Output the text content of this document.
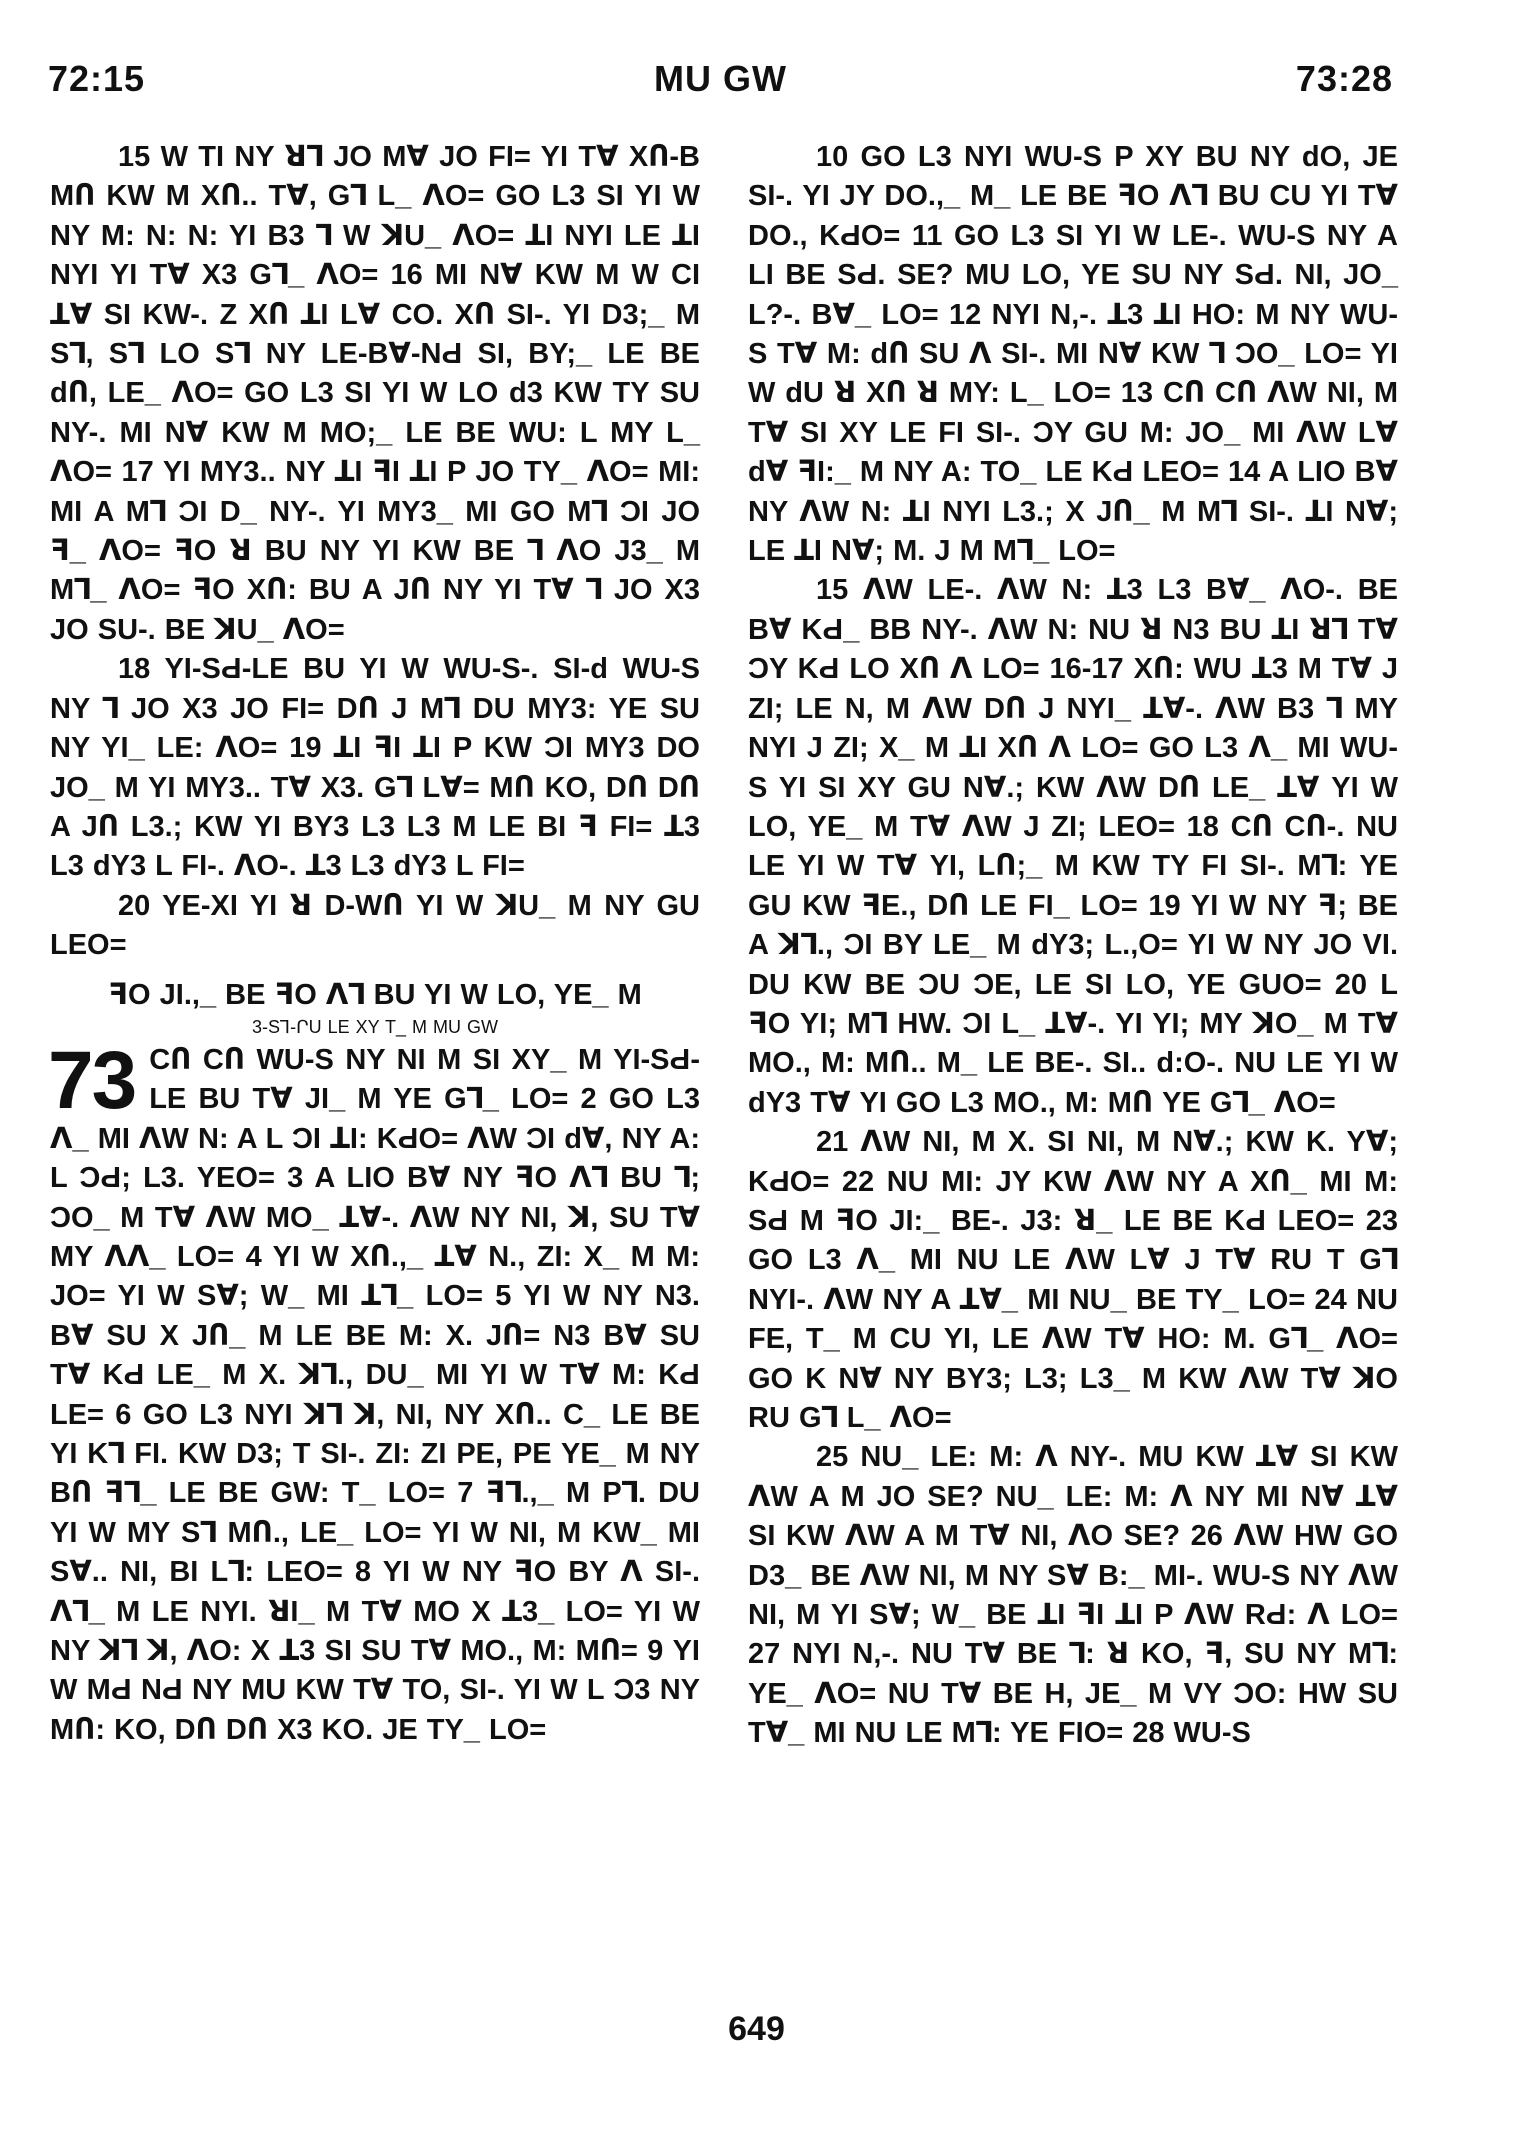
72:15	MU GW	73:28

15 W TI NY ꓤ⅂ JO Mꓯ JO FI= YI Tꓯ XՈ-B MՈ KW M XՈ.. Tꓯ, G⅂ L_ ꓥO= GO L3 SI YI W NY M: N: N: YI B3 ⅂ W ꓘU_ ꓥO= ꓕI NYI LE ꓕI NYI YI Tꓯ X3 G⅂_ ꓥO= 16 MI Nꓯ KW M W CI ꓕꓯ SI KW-. Z XՈ ꓕI Lꓯ CO. XՈ SI-. YI D3;_ M S⅂, S⅂ LO S⅂ NY LE-Bꓯ-NԀ SI, BY;_ LE BE dՈ, LE_ ꓥO= GO L3 SI YI W LO d3 KW TY SU NY-. MI Nꓯ KW M MO;_ LE BE WU: L MY L_ ꓥO= 17 YI MY3.. NY ꓕI ꟻI ꓕI P JO TY_ ꓥO= MI: MI A M⅂ ƆI D_ NY-. YI MY3_ MI GO M⅂ ƆI JO ꟻ_ ꓥO= ꟻO ꓤ BU NY YI KW BE ⅂ ꓥO J3_ M M⅂_ ꓥO= ꟻO XՈ: BU A JՈ NY YI Tꓯ ⅂ JO X3 JO SU-. BE ꓘU_ ꓥO=

18 YI-SԀ-LE BU YI W WU-S-. SI-d WU-S NY ⅂ JO X3 JO FI= DՈ J M⅂ DU MY3: YE SU NY YI_ LE: ꓥO= 19 ꓕI ꟻI ꓕI P KW ƆI MY3 DO JO_ M YI MY3.. Tꓯ X3. G⅂ Lꓯ= MՈ KO, DՈ DՈ A JՈ L3.; KW YI BY3 L3 L3 M LE BI ꟻ FI= ꓕ3 L3 dY3 L FI-. ꓥO-. ꓕ3 L3 dY3 L FI=

20 YE-XI YI ꓤ D-WՈ YI W ꓘU_ M NY GU LEO=

ꟻO JI.,_ BE ꟻO ꓥ⅂ BU YI W LO, YE_ M
3-S⅂-ՐU LE XY T_ M MU GW
73 CՈ CՈ WU-S NY NI M SI XY_ M YI-SԀ-LE BU Tꓯ JI_ M YE G⅂_ LO= 2 GO L3 ꓥ_ MI ꓥW N: A L ƆI ꓕI: KԀO= ꓥW ƆI dꓯ, NY A: L ƆԀ; L3. YEO= 3 A LIO Bꓯ NY ꟻO ꓥ⅂ BU ⅂; ƆO_ M Tꓯ ꓥW MO_ ꓕꓯ-. ꓥW NY NI, ꓘ, SU Tꓯ MY ꓥꓥ_ LO= 4 YI W XՈ.,_ ꓕꓯ N., ZI: X_ M M: JO= YI W Sꓯ; W_ MI ꓕ⅂_ LO= 5 YI W NY N3. Bꓯ SU X JՈ_ M LE BE M: X. JՈ= N3 Bꓯ SU Tꓯ KԀ LE_ M X. ꓘ⅂., DU_ MI YI W Tꓯ M: KԀ LE= 6 GO L3 NYI ꓘ⅂ ꓘ, NI, NY XՈ.. C_ LE BE YI K⅂ FI. KW D3; T SI-. ZI: ZI PE, PE YE_ M NY BՈ ꟻ⅂_ LE BE GW: T_ LO= 7 ꟻ⅂.,_ M P⅂. DU YI W MY S⅂ MՈ., LE_ LO= YI W NI, M KW_ MI Sꓯ.. NI, BI L⅂: LEO= 8 YI W NY ꟻO BY ꓥ SI-. ꓥ⅂_ M LE NYI. ꓤI_ M Tꓯ MO X ꓕ3_ LO= YI W NY ꓘ⅂ ꓘ, ꓥO: X ꓕ3 SI SU Tꓯ MO., M: MՈ= 9 YI W MԀ NԀ NY MU KW Tꓯ TO, SI-. YI W L Ɔ3 NY MՈ: KO, DՈ DՈ X3 KO. JE TY_ LO=

10 GO L3 NYI WU-S P XY BU NY dO, JE SI-. YI JY DO.,_ M_ LE BE ꟻO ꓥ⅂ BU CU YI Tꓯ DO., KԀO= 11 GO L3 SI YI W LE-. WU-S NY A LI BE SԀ. SE? MU LO, YE SU NY SԀ. NI, JO_ L?-. Bꓯ_ LO= 12 NYI N,-. ꓕ3 ꓕI HO: M NY WU-S Tꓯ M: dՈ SU ꓥ SI-. MI Nꓯ KW ⅂ ƆO_ LO= YI W dU ꓤ XՈ ꓤ MY: L_ LO= 13 CՈ CՈ ꓥW NI, M Tꓯ SI XY LE FI SI-. ƆY GU M: JO_ MI ꓥW Lꓯ dꓯ ꟻI:_ M NY A: TO_ LE KԀ LEO= 14 A LIO Bꓯ NY ꓥW N: ꓕI NYI L3.; X JՈ_ M M⅂ SI-. ꓕI Nꓯ; LE ꓕI Nꓯ; M. J M M⅂_ LO=

15 ꓥW LE-. ꓥW N: ꓕ3 L3 Bꓯ_ ꓥO-. BE Bꓯ KԀ_ BB NY-. ꓥW N: NU ꓤ N3 BU ꓕI ꓤ⅂ Tꓯ ƆY KԀ LO XՈ ꓥ LO= 16-17 XՈ: WU ꓕ3 M Tꓯ J ZI; LE N, M ꓥW DՈ J NYI_ ꓕꓯ-. ꓥW B3 ⅂ MY NYI J ZI; X_ M ꓕI XՈ ꓥ LO= GO L3 ꓥ_ MI WU-S YI SI XY GU Nꓯ.; KW ꓥW DՈ LE_ ꓕꓯ YI W LO, YE_ M Tꓯ ꓥW J ZI; LEO= 18 CՈ CՈ-. NU LE YI W Tꓯ YI, LՈ;_ M KW TY FI SI-. M⅂: YE GU KW ꟻE., DՈ LE FI_ LO= 19 YI W NY ꟻ; BE A ꓘ⅂., ƆI BY LE_ M dY3; L.,O= YI W NY JO VI. DU KW BE ƆU ƆE, LE SI LO, YE GUO= 20 L ꟻO YI; M⅂ HW. ƆI L_ ꓕꓯ-. YI YI; MY ꓘO_ M Tꓯ MO., M: MՈ.. M_ LE BE-. SI.. d:O-. NU LE YI W dY3 Tꓯ YI GO L3 MO., M: MՈ YE G⅂_ ꓥO=

21 ꓥW NI, M X. SI NI, M Nꓯ.; KW K. Yꓯ; KԀO= 22 NU MI: JY KW ꓥW NY A XՈ_ MI M: SԀ M ꟻO JI:_ BE-. J3: ꓤ_ LE BE KԀ LEO= 23 GO L3 ꓥ_ MI NU LE ꓥW Lꓯ J Tꓯ RU T G⅂ NYI-. ꓥW NY A ꓕꓯ_ MI NU_ BE TY_ LO= 24 NU FE, T_ M CU YI, LE ꓥW Tꓯ HO: M. G⅂_ ꓥO= GO K Nꓯ NY BY3; L3; L3_ M KW ꓥW Tꓯ ꓘO RU G⅂ L_ ꓥO=

25 NU_ LE: M: ꓥ NY-. MU KW ꓕꓯ SI KW ꓥW A M JO SE? NU_ LE: M: ꓥ NY MI Nꓯ ꓕꓯ SI KW ꓥW A M Tꓯ NI, ꓥO SE? 26 ꓥW HW GO D3_ BE ꓥW NI, M NY Sꓯ B:_ MI-. WU-S NY ꓥW NI, M YI Sꓯ; W_ BE ꓕI ꟻI ꓕI P ꓥW RԀ: ꓥ LO= 27 NYI N,-. NU Tꓯ BE ⅂: ꓤ KO, ꟻ, SU NY M⅂: YE_ ꓥO= NU Tꓯ BE H, JE_ M VY ƆO: HW SU Tꓯ_ MI NU LE M⅂: YE FIO= 28 WU-S

649
